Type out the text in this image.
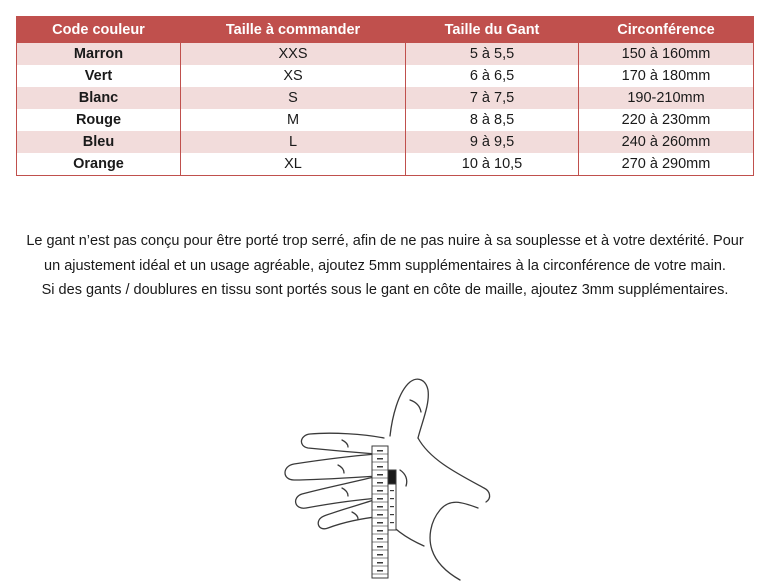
Code couleur	Taille à commander	Taille du Gant	Circonférence
Marron	XXS	5 à 5,5	150 à 160mm
Vert	XS	6 à 6,5	170 à 180mm
Blanc	S	7 à 7,5	190-210mm
Rouge	M	8 à 8,5	220 à 230mm
Bleu	L	9 à 9,5	240 à 260mm
Orange	XL	10 à 10,5	270 à 290mm

Le gant n’est pas conçu pour être porté trop serré, afin de ne pas nuire à sa souplesse et à votre dextérité. Pour un ajustement idéal et un usage agréable, ajoutez 5mm supplémentaires à la circonférence de votre main.

Si des gants / doublures en tissu sont portés sous le gant en côte de maille, ajoutez 3mm supplémentaires.
